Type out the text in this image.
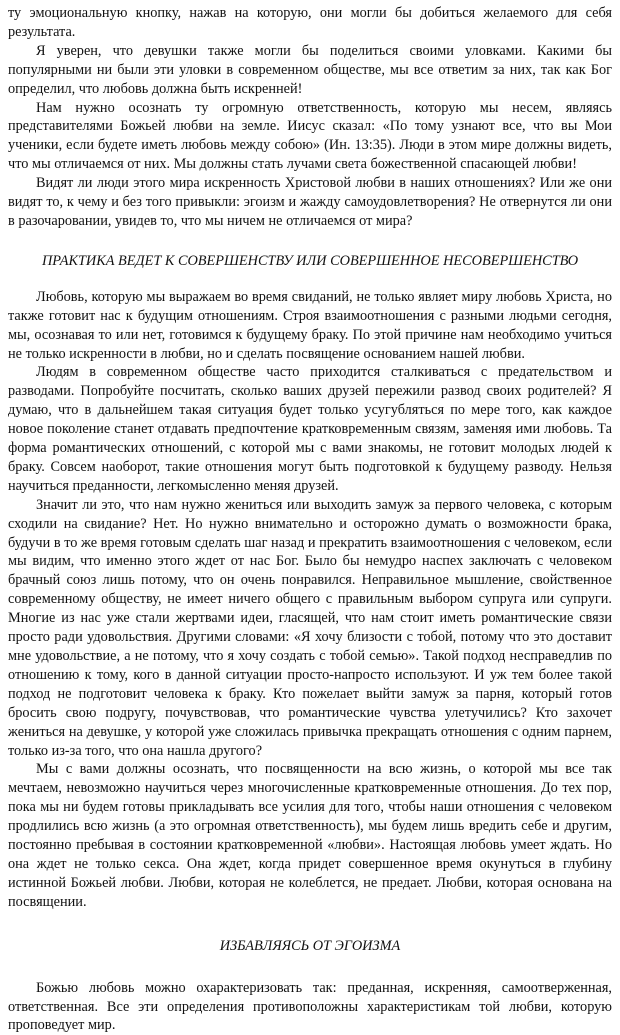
ту эмоциональную кнопку, нажав на которую, они могли бы добиться желаемого для себя результата.

Я уверен, что девушки также могли бы поделиться своими уловками. Какими бы популярными ни были эти уловки в современном обществе, мы все ответим за них, так как Бог определил, что любовь должна быть искренней!

Нам нужно осознать ту огромную ответственность, которую мы несем, являясь представителями Божьей любви на земле. Иисус сказал: «По тому узнают все, что вы Мои ученики, если будете иметь любовь между собою» (Ин. 13:35). Люди в этом мире должны видеть, что мы отличаемся от них. Мы должны стать лучами света божественной спасающей любви!

Видят ли люди этого мира искренность Христовой любви в наших отношениях? Или же они видят то, к чему и без того привыкли: эгоизм и жажду самоудовлетворения? Не отвернутся ли они в разочаровании, увидев то, что мы ничем не отличаемся от мира?

ПРАКТИКА ВЕДЕТ К СОВЕРШЕНСТВУ ИЛИ СОВЕРШЕННОЕ НЕСОВЕРШЕНСТВО

Любовь, которую мы выражаем во время свиданий, не только являет миру любовь Христа, но также готовит нас к будущим отношениям. Строя взаимоотношения с разными людьми сегодня, мы, осознавая то или нет, готовимся к будущему браку. По этой причине нам необходимо учиться не только искренности в любви, но и сделать посвящение основанием нашей любви.

Людям в современном обществе часто приходится сталкиваться с предательством и разводами. Попробуйте посчитать, сколько ваших друзей пережили развод своих родителей? Я думаю, что в дальнейшем такая ситуация будет только усугубляться по мере того, как каждое новое поколение станет отдавать предпочтение кратковременным связям, заменяя ими любовь. Та форма романтических отношений, с которой мы с вами знакомы, не готовит молодых людей к браку. Совсем наоборот, такие отношения могут быть подготовкой к будущему разводу. Нельзя научиться преданности, легкомысленно меняя друзей.

Значит ли это, что нам нужно жениться или выходить замуж за первого человека, с которым сходили на свидание? Нет. Но нужно внимательно и осторожно думать о возможности брака, будучи в то же время готовым сделать шаг назад и прекратить взаимоотношения с человеком, если мы видим, что именно этого ждет от нас Бог. Было бы немудро наспех заключать с человеком брачный союз лишь потому, что он очень понравился. Неправильное мышление, свойственное современному обществу, не имеет ничего общего с правильным выбором супруга или супруги. Многие из нас уже стали жертвами идеи, гласящей, что нам стоит иметь романтические связи просто ради удовольствия. Другими словами: «Я хочу близости с тобой, потому что это доставит мне удовольствие, а не потому, что я хочу создать с тобой семью». Такой подход несправедлив по отношению к тому, кого в данной ситуации просто-напросто используют. И уж тем более такой подход не подготовит человека к браку. Кто пожелает выйти замуж за парня, который готов бросить свою подругу, почувствовав, что романтические чувства улетучились? Кто захочет жениться на девушке, у которой уже сложилась привычка прекращать отношения с одним парнем, только из-за того, что она нашла другого?

Мы с вами должны осознать, что посвященности на всю жизнь, о которой мы все так мечтаем, невозможно научиться через многочисленные кратковременные отношения. До тех пор, пока мы ни будем готовы прикладывать все усилия для того, чтобы наши отношения с человеком продлились всю жизнь (а это огромная ответственность), мы будем лишь вредить себе и другим, постоянно пребывая в состоянии кратковременной «любви». Настоящая любовь умеет ждать. Но она ждет не только секса. Она ждет, когда придет совершенное время окунуться в глубину истинной Божьей любви. Любви, которая не колеблется, не предает. Любви, которая основана на посвящении.

ИЗБАВЛЯЯСЬ ОТ ЭГОИЗМА

Божью любовь можно охарактеризовать так: преданная, искренняя, самоотверженная, ответственная. Все эти определения противоположны характеристикам той любви, которую проповедует мир.
